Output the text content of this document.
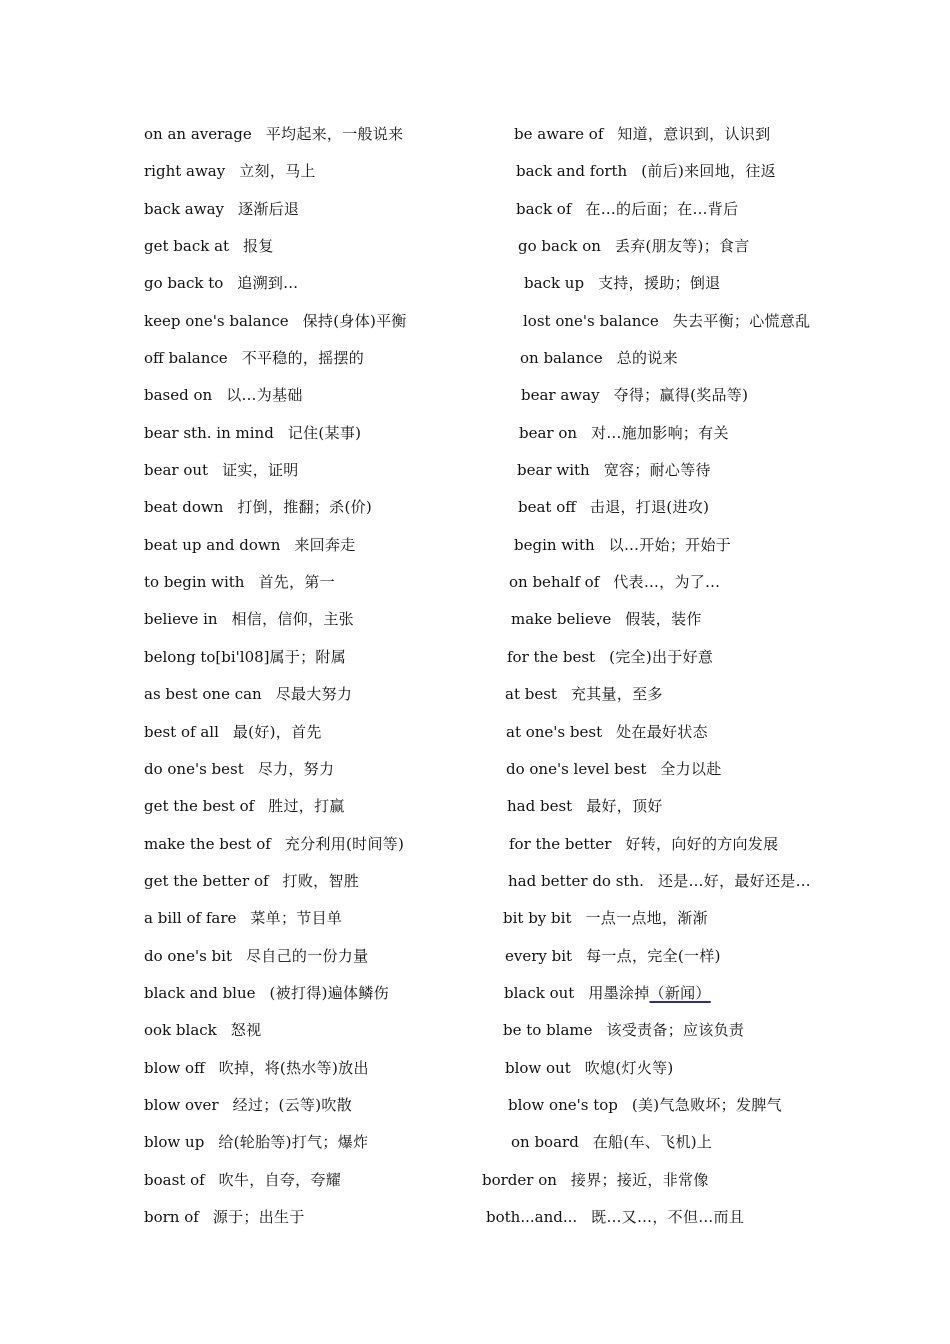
on an average 平均起来，一般说来	be aware of 知道，意识到，认识到
right away 立刻，马上	back and forth (前后)来回地，往返
back away 逐渐后退	back of 在…的后面；在…背后
get back at 报复	go back on 丢弃(朋友等)；食言
go back to 追溯到…	back up 支持，援助；倒退
keep one's balance 保持(身体)平衡	lost one's balance 失去平衡；心慌意乱
off balance 不平稳的，摇摆的	on balance 总的说来
based on 以…为基础	bear away 夺得；赢得(奖品等)
bear sth. in mind 记住(某事)	bear on 对…施加影响；有关
bear out 证实，证明	bear with 宽容；耐心等待
beat down 打倒，推翻；杀(价)	beat off 击退，打退(进攻)
beat up and down 来回奔走	begin with 以…开始；开始于
to begin with 首先，第一	on behalf of 代表…，为了…
believe in 相信，信仰，主张	make believe 假装，装作
belong to[bi'l08]属于；附属	for the best (完全)出于好意
as best one can 尽最大努力	at best 充其量，至多
best of all 最(好)，首先	at one's best 处在最好状态
do one's best 尽力，努力	do one's level best 全力以赴
get the best of 胜过，打赢	had best 最好，顶好
make the best of 充分利用(时间等)	for the better 好转，向好的方向发展
get the better of 打败，智胜	had better do sth. 还是…好，最好还是…
a bill of fare 菜单；节目单	bit by bit 一点一点地，渐渐
do one's bit 尽自己的一份力量	every bit 每一点，完全(一样)
black and blue (被打得)遍体鳞伤	black out 用墨涂掉（新闻）
ook black 怒视	be to blame 该受责备；应该负责
blow off 吹掉，将(热水等)放出	blow out 吹熄(灯火等)
blow over 经过；(云等)吹散	blow one's top (美)气急败坏；发脾气
blow up 给(轮胎等)打气；爆炸	on board 在船(车、飞机)上
boast of 吹牛，自夸，夸耀	border on 接界；接近，非常像
born of 源于；出生于	both...and... 既…又…，不但…而且
